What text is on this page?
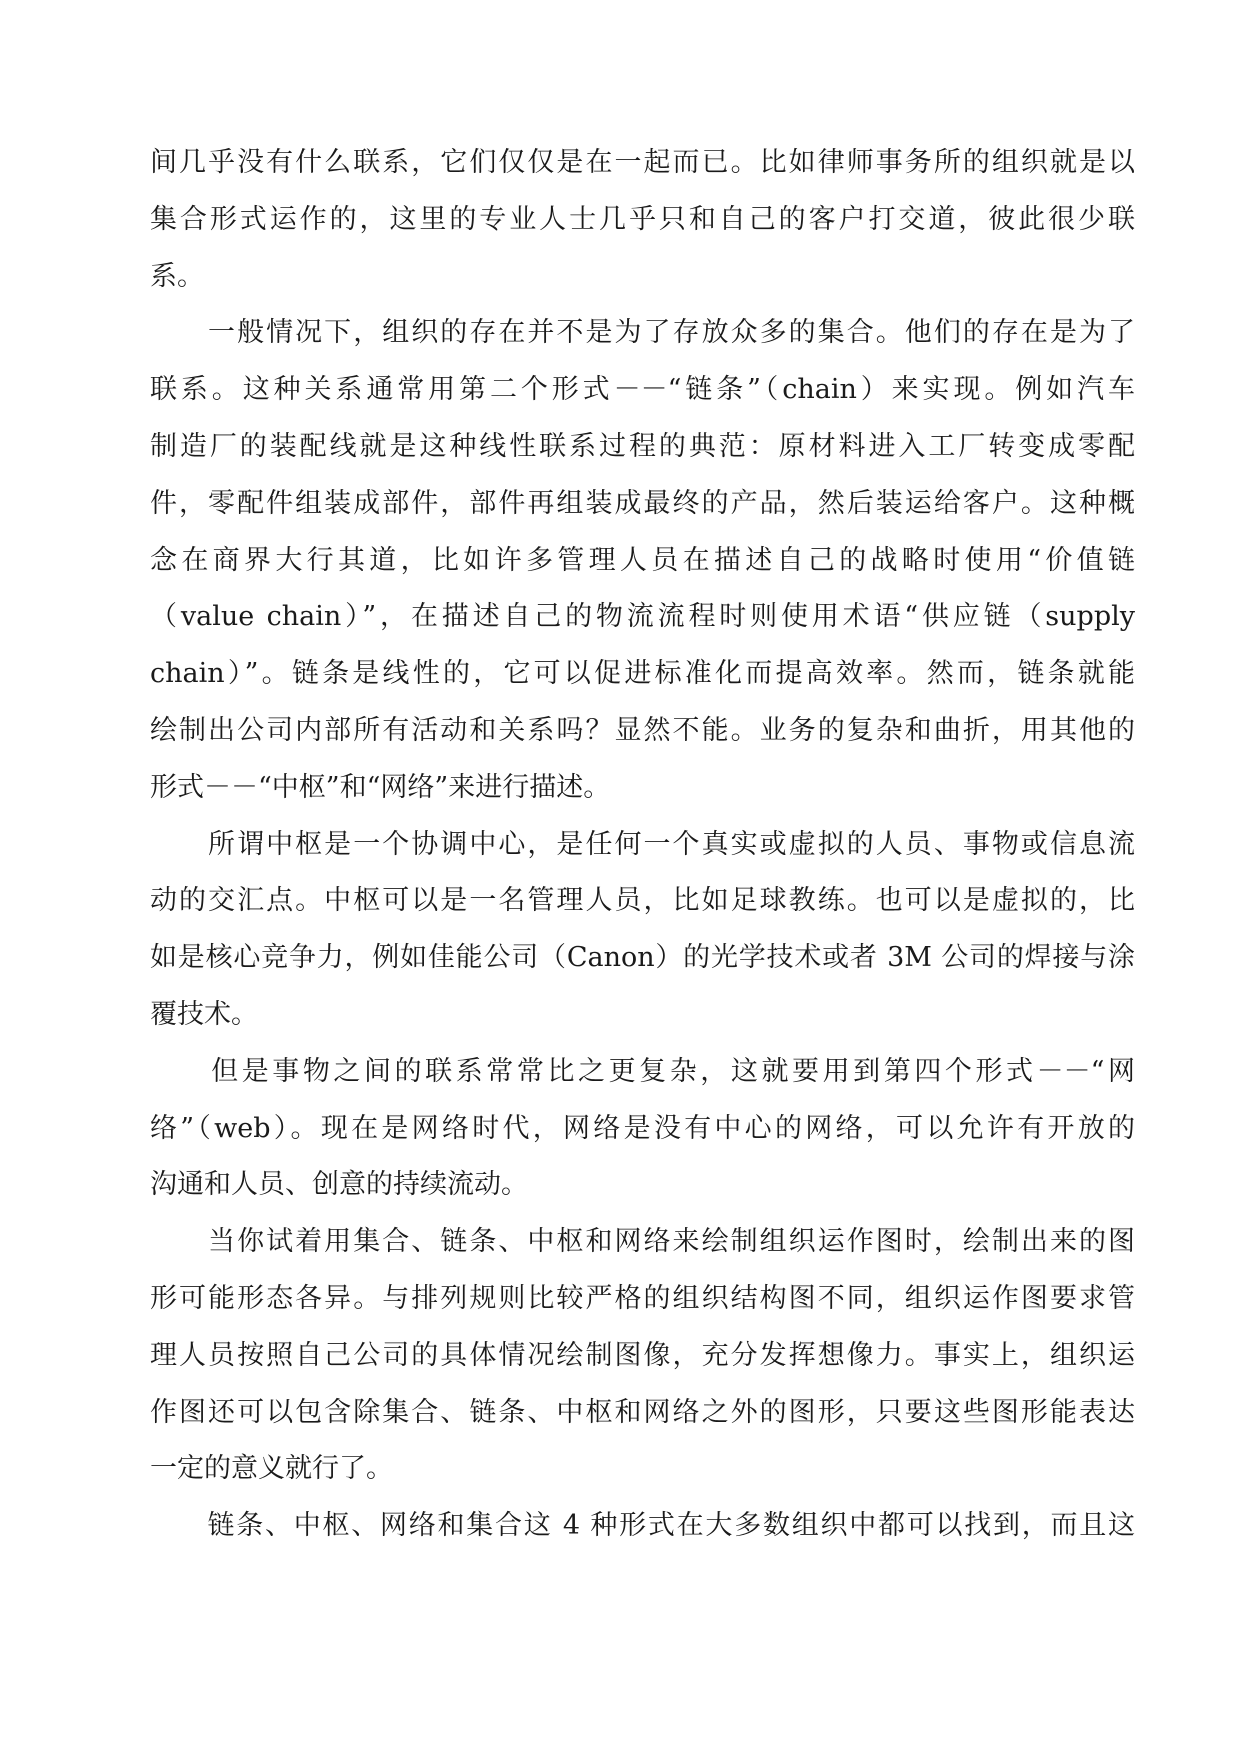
间几乎没有什么联系，它们仅仅是在一起而已。比如律师事务所的组织就是以
集合形式运作的，这里的专业人士几乎只和自己的客户打交道，彼此很少联
系。
　　一般情况下，组织的存在并不是为了存放众多的集合。他们的存在是为了
联系。这种关系通常用第二个形式－－“链条”（chain）来实现。例如汽车
制造厂的装配线就是这种线性联系过程的典范：原材料进入工厂转变成零配
件，零配件组装成部件，部件再组装成最终的产品，然后装运给客户。这种概
念在商界大行其道，比如许多管理人员在描述自己的战略时使用“价值链
（value chain）”，在描述自己的物流流程时则使用术语“供应链（supply
chain）”。链条是线性的，它可以促进标准化而提高效率。然而，链条就能
绘制出公司内部所有活动和关系吗？显然不能。业务的复杂和曲折，用其他的
形式－－“中枢”和“网络”来进行描述。
　　所谓中枢是一个协调中心，是任何一个真实或虚拟的人员、事物或信息流
动的交汇点。中枢可以是一名管理人员，比如足球教练。也可以是虚拟的，比
如是核心竞争力，例如佳能公司（Canon）的光学技术或者 3M 公司的焊接与涂
覆技术。
　　但是事物之间的联系常常比之更复杂，这就要用到第四个形式－－“网
络”（web）。现在是网络时代，网络是没有中心的网络，可以允许有开放的
沟通和人员、创意的持续流动。
　　当你试着用集合、链条、中枢和网络来绘制组织运作图时，绘制出来的图
形可能形态各异。与排列规则比较严格的组织结构图不同，组织运作图要求管
理人员按照自己公司的具体情况绘制图像，充分发挥想像力。事实上，组织运
作图还可以包含除集合、链条、中枢和网络之外的图形，只要这些图形能表达
一定的意义就行了。
　　链条、中枢、网络和集合这 4 种形式在大多数组织中都可以找到，而且这
